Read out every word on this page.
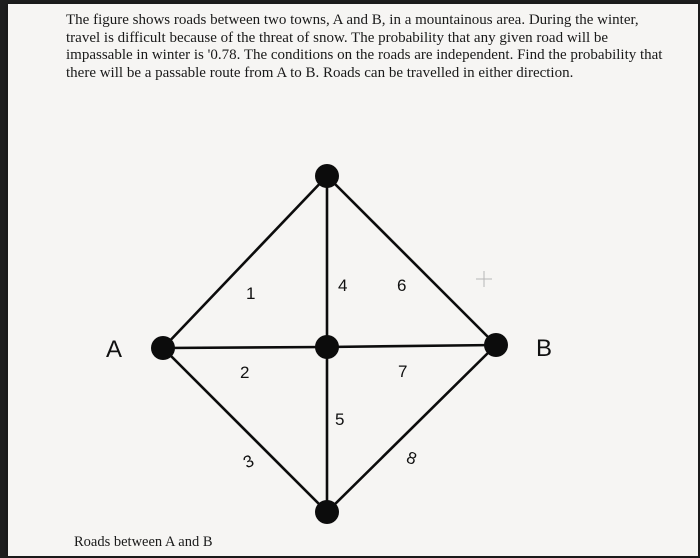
The figure shows roads between two towns, A and B, in a mountainous area. During the winter, travel is difficult because of the threat of snow. The probability that any given road will be impassable in winter is '0.78. The conditions on the roads are independent. Find the probability that there will be a passable route from A to B. Roads can be travelled in either direction.

A	B
1
2
3
4
5
6
7
8
Roads between A and B
